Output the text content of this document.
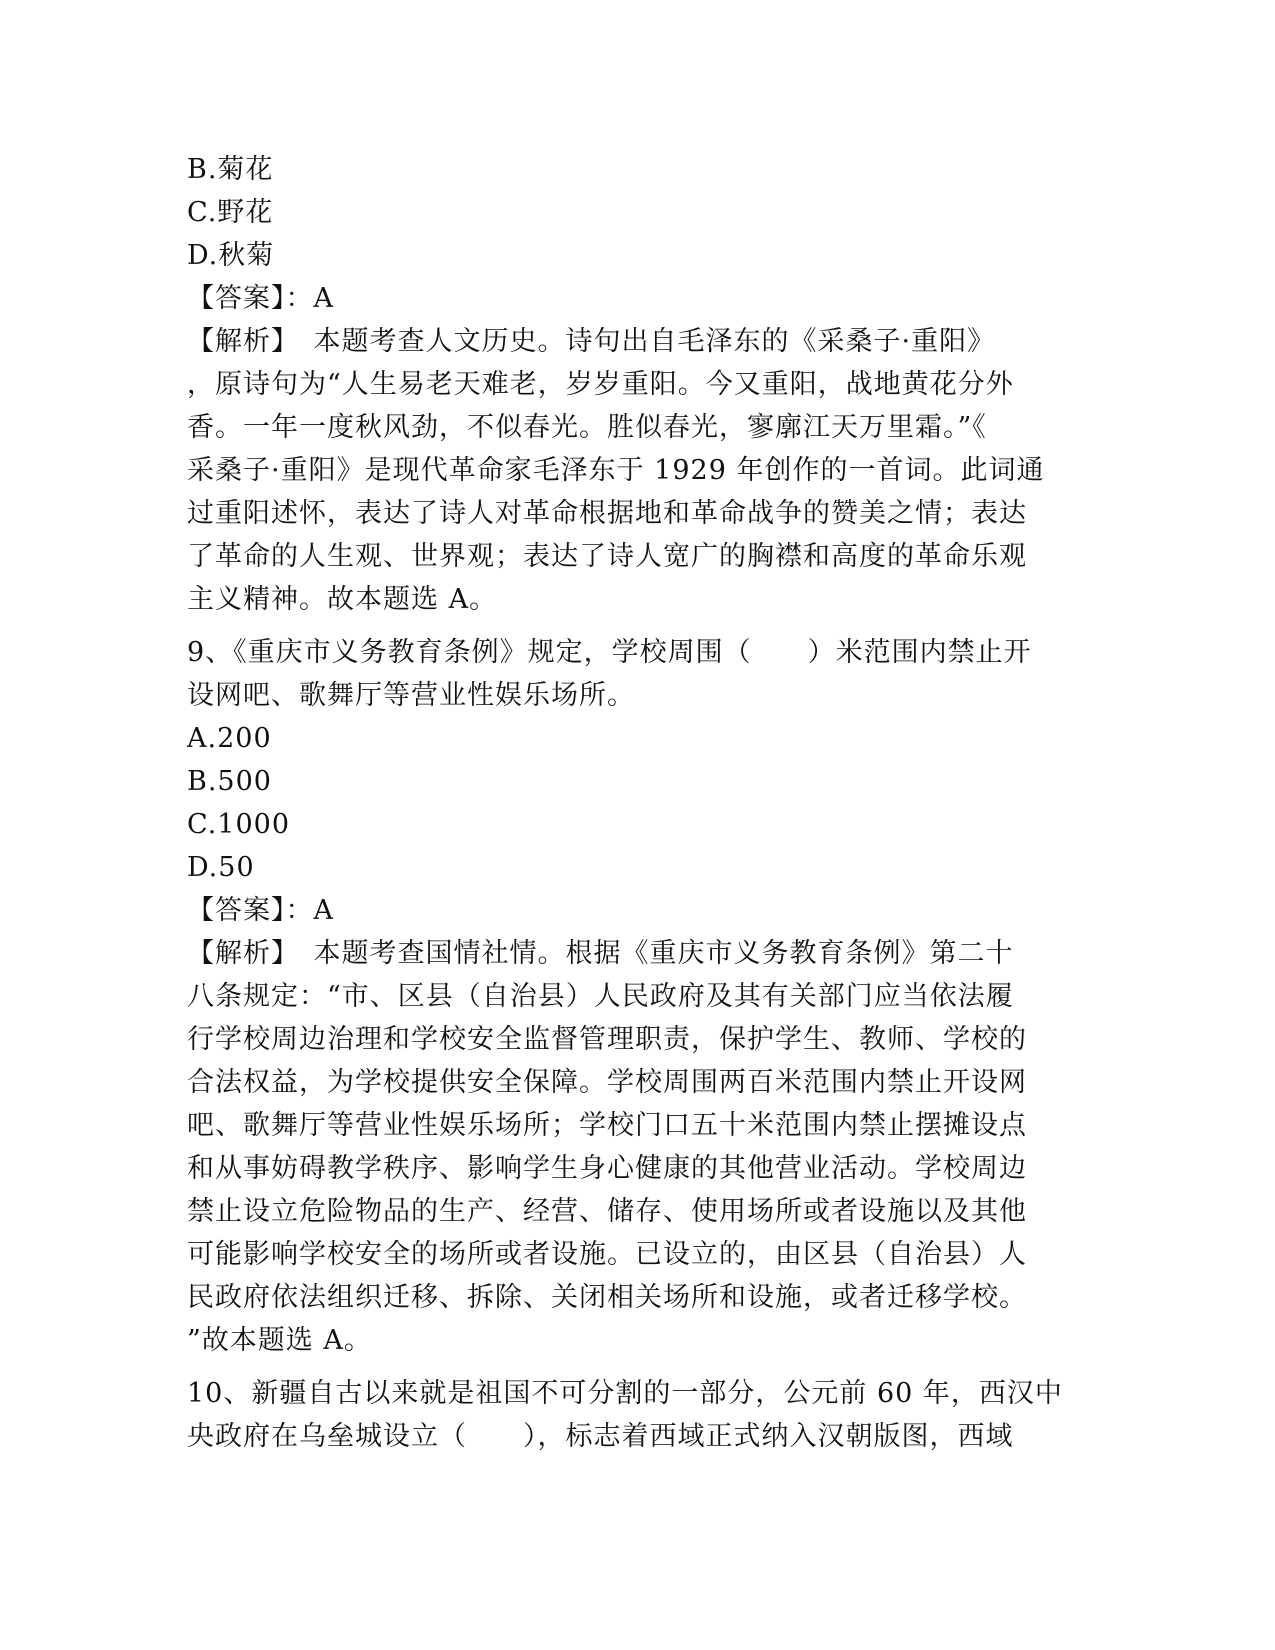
B.菊花
C.野花
D.秋菊
【答案】：A
【解析】　本题考查人文历史。诗句出自毛泽东的《采桑子·重阳》
，原诗句为“人生易老天难老，岁岁重阳。今又重阳，战地黄花分外
香。一年一度秋风劲，不似春光。胜似春光，寥廓江天万里霜。”《
采桑子·重阳》是现代革命家毛泽东于 1929 年创作的一首词。此词通
过重阳述怀，表达了诗人对革命根据地和革命战争的赞美之情；表达
了革命的人生观、世界观；表达了诗人宽广的胸襟和高度的革命乐观
主义精神。故本题选 A。
9、《重庆市义务教育条例》规定，学校周围（　　）米范围内禁止开
设网吧、歌舞厅等营业性娱乐场所。
A.200
B.500
C.1000
D.50
【答案】：A
【解析】　本题考查国情社情。根据《重庆市义务教育条例》第二十
八条规定：“市、区县（自治县）人民政府及其有关部门应当依法履
行学校周边治理和学校安全监督管理职责，保护学生、教师、学校的
合法权益，为学校提供安全保障。学校周围两百米范围内禁止开设网
吧、歌舞厅等营业性娱乐场所；学校门口五十米范围内禁止摆摊设点
和从事妨碍教学秩序、影响学生身心健康的其他营业活动。学校周边
禁止设立危险物品的生产、经营、储存、使用场所或者设施以及其他
可能影响学校安全的场所或者设施。已设立的，由区县（自治县）人
民政府依法组织迁移、拆除、关闭相关场所和设施，或者迁移学校。
”故本题选 A。
10、新疆自古以来就是祖国不可分割的一部分，公元前 60 年，西汉中
央政府在乌垒城设立（　　），标志着西域正式纳入汉朝版图，西域
